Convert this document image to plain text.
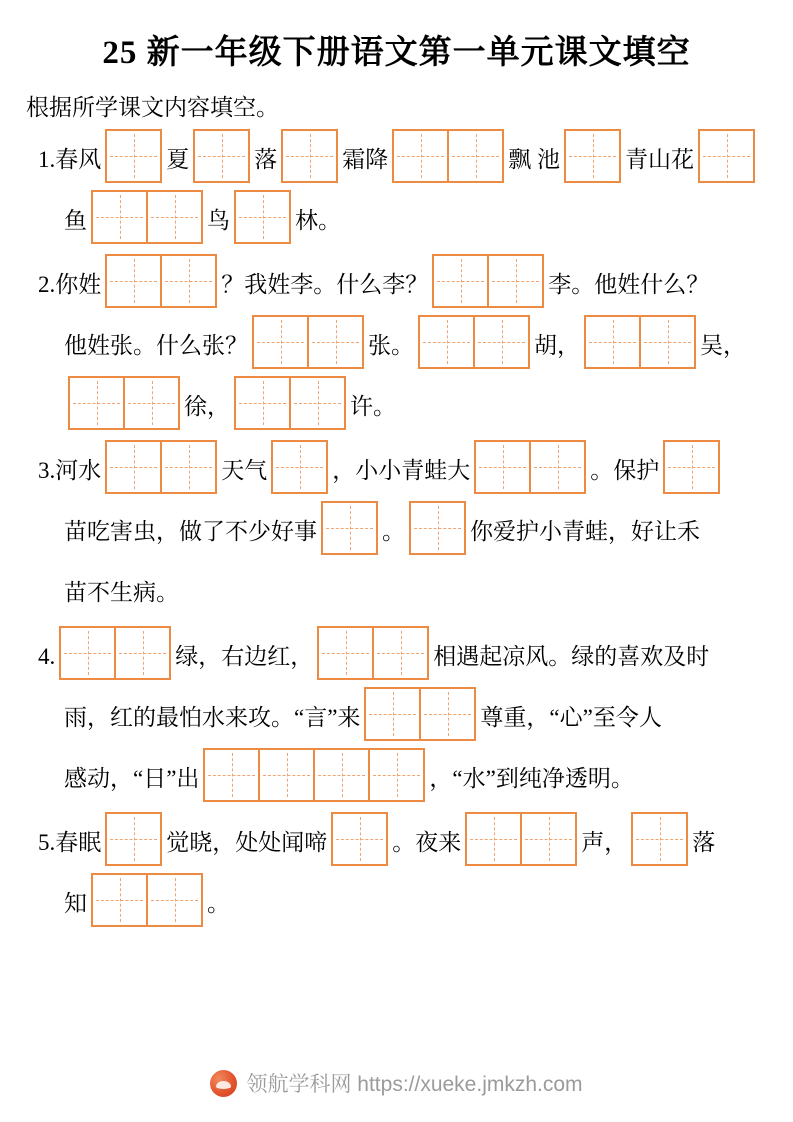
25 新一年级下册语文第一单元课文填空
根据所学课文内容填空。
1.春风	夏	落	霜降	飘 池	青山花
鱼	鸟	林。
2.你姓	？我姓李。什么李？	李。他姓什么？
他姓张。什么张？	张。	胡，	吴，
徐，	许。
3.河水	天气	，小小青蛙大	。保护
苗吃害虫，做了不少好事	。	你爱护小青蛙，好让禾
苗不生病。
4.	绿，右边红，	相遇起凉风。绿的喜欢及时
雨，红的最怕水来攻。“言”来	尊重，“心”至令人
感动，“日”出	，“水”到纯净透明。
5.春眠	觉晓，处处闻啼	。夜来	声，	落
知	。
领航学科网 https://xueke.jmkzh.com
